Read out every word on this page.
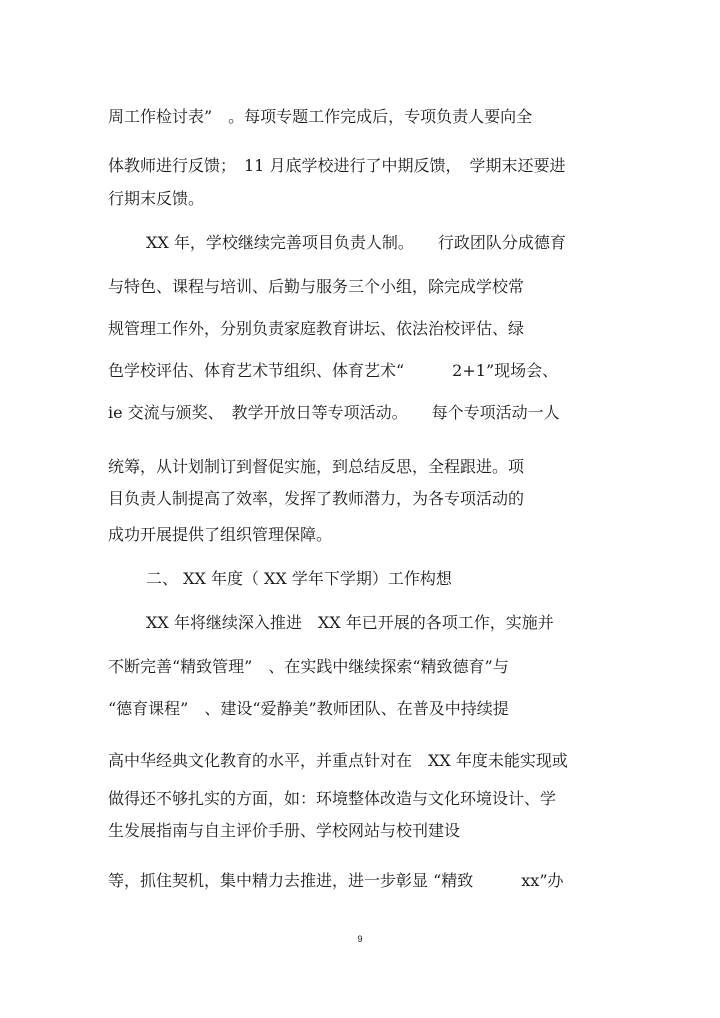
周工作检讨表”　。每项专题工作完成后，专项负责人要向全
体教师进行反馈；　11 月底学校进行了中期反馈，　学期末还要进
行期末反馈。
XX 年，学校继续完善项目负责人制。　　行政团队分成德育
与特色、课程与培训、后勤与服务三个小组，除完成学校常
规管理工作外，分别负责家庭教育讲坛、依法治校评估、绿
色学校评估、体育艺术节组织、体育艺术“　　　2+1”现场会、
ie 交流与颁奖、　教学开放日等专项活动。　　每个专项活动一人
统筹，从计划制订到督促实施，到总结反思，全程跟进。项
目负责人制提高了效率，发挥了教师潜力，为各专项活动的
成功开展提供了组织管理保障。
二、 XX 年度（ XX 学年下学期）工作构想
XX 年将继续深入推进　XX 年已开展的各项工作，实施并
不断完善“精致管理”　、在实践中继续探索“精致德育”与
“德育课程”　、建设“爱静美”教师团队、在普及中持续提
高中华经典文化教育的水平，并重点针对在　XX 年度未能实现或
做得还不够扎实的方面，如：环境整体改造与文化环境设计、学
生发展指南与自主评价手册、学校网站与校刊建设
等，抓住契机，集中精力去推进，进一步彰显 “精致　　　xx”办
9
